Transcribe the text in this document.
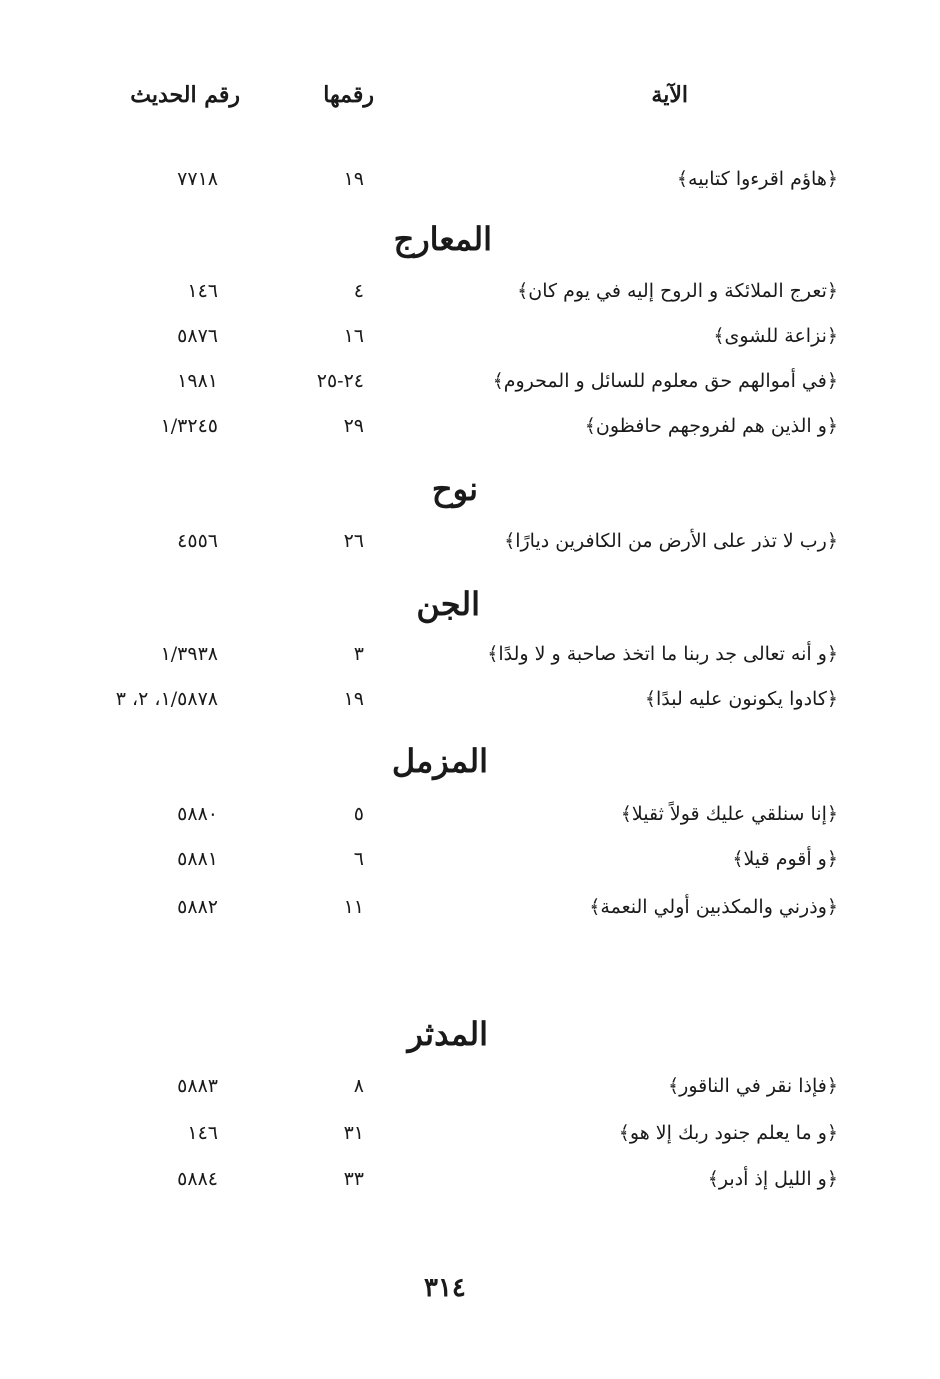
الآية
رقمها
رقم الحديث
﴿هاؤم اقرءوا كتابيه﴾
١٩
٧٧١٨
المعارج
﴿تعرج الملائكة و الروح إليه في يوم كان﴾
٤
١٤٦
﴿نزاعة للشوى﴾
١٦
٥٨٧٦
﴿في أموالهم حق معلوم للسائل و المحروم﴾
٢٤-٢٥
١٩٨١
﴿و الذين هم لفروجهم حافظون﴾
٢٩
١/٣٢٤٥
نوح
﴿رب لا تذر على الأرض من الكافرين ديارًا﴾
٢٦
٤٥٥٦
الجن
﴿و أنه تعالى جد ربنا ما اتخذ صاحبة و لا ولدًا﴾
٣
١/٣٩٣٨
﴿كادوا يكونون عليه لبدًا﴾
١٩
١/٥٨٧٨، ٢، ٣
المزمل
﴿إنا سنلقي عليك قولاً ثقيلا﴾
٥
٥٨٨٠
﴿و أقوم قيلا﴾
٦
٥٨٨١
﴿وذرني والمكذبين أولي النعمة﴾
١١
٥٨٨٢
المدثر
﴿فإذا نقر في الناقور﴾
٨
٥٨٨٣
﴿و ما يعلم جنود ربك إلا هو﴾
٣١
١٤٦
﴿و الليل إذ أدبر﴾
٣٣
٥٨٨٤
٣١٤
